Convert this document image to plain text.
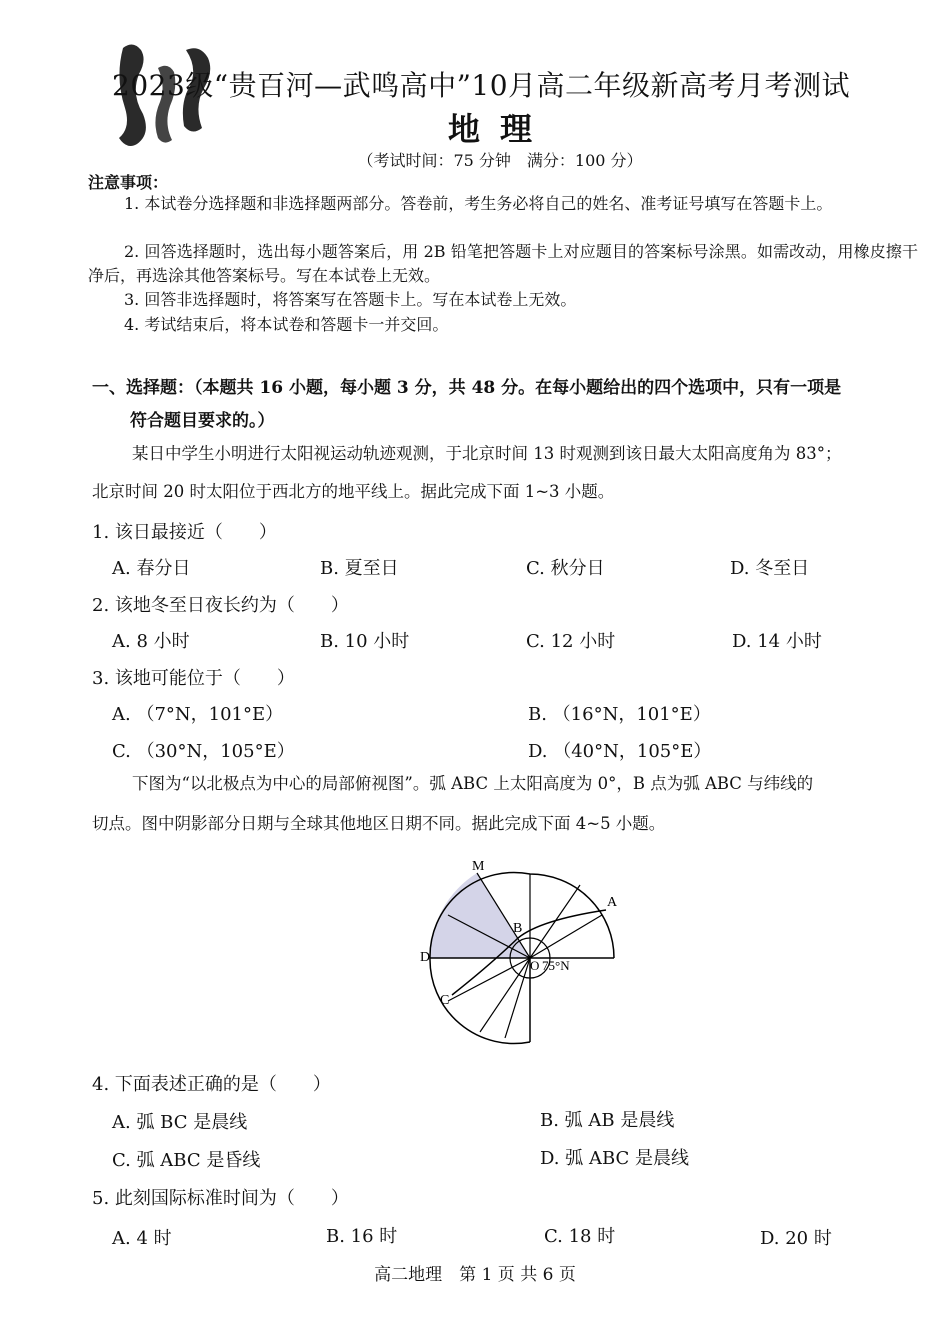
2023级“贵百河—武鸣高中”10月高二年级新高考月考测试
地理
（考试时间：75 分钟　满分：100 分）
注意事项：
1. 本试卷分选择题和非选择题两部分。答卷前，考生务必将自己的姓名、准考证号填写在答题卡上。
2. 回答选择题时，选出每小题答案后，用 2B 铅笔把答题卡上对应题目的答案标号涂黑。如需改动，用橡皮擦干净后，再选涂其他答案标号。写在本试卷上无效。
3. 回答非选择题时，将答案写在答题卡上。写在本试卷上无效。
4. 考试结束后，将本试卷和答题卡一并交回。
一、选择题：（本题共 16 小题，每小题 3 分，共 48 分。在每小题给出的四个选项中，只有一项是
符合题目要求的。）
某日中学生小明进行太阳视运动轨迹观测，于北京时间 13 时观测到该日最大太阳高度角为 83°；
北京时间 20 时太阳位于西北方的地平线上。据此完成下面 1~3 小题。
1. 该日最接近（　　）
A. 春分日	B. 夏至日	C. 秋分日	D. 冬至日
2. 该地冬至日夜长约为（　　）
A. 8 小时	B. 10 小时	C. 12 小时	D. 14 小时
3. 该地可能位于（　　）
A. （7°N，101°E）	B. （16°N，101°E）
C. （30°N，105°E）	D. （40°N，105°E）
下图为“以北极点为中心的局部俯视图”。弧 ABC 上太阳高度为 0°，B 点为弧 ABC 与纬线的
切点。图中阴影部分日期与全球其他地区日期不同。据此完成下面 4~5 小题。
M
A
B
C
D
O 75°N
4. 下面表述正确的是（　　）
A. 弧 BC 是晨线	B. 弧 AB 是晨线
C. 弧 ABC 是昏线	D. 弧 ABC 是晨线
5. 此刻国际标准时间为（　　）
A. 4 时	B. 16 时	C. 18 时	D. 20 时
高二地理　第 1 页 共 6 页
